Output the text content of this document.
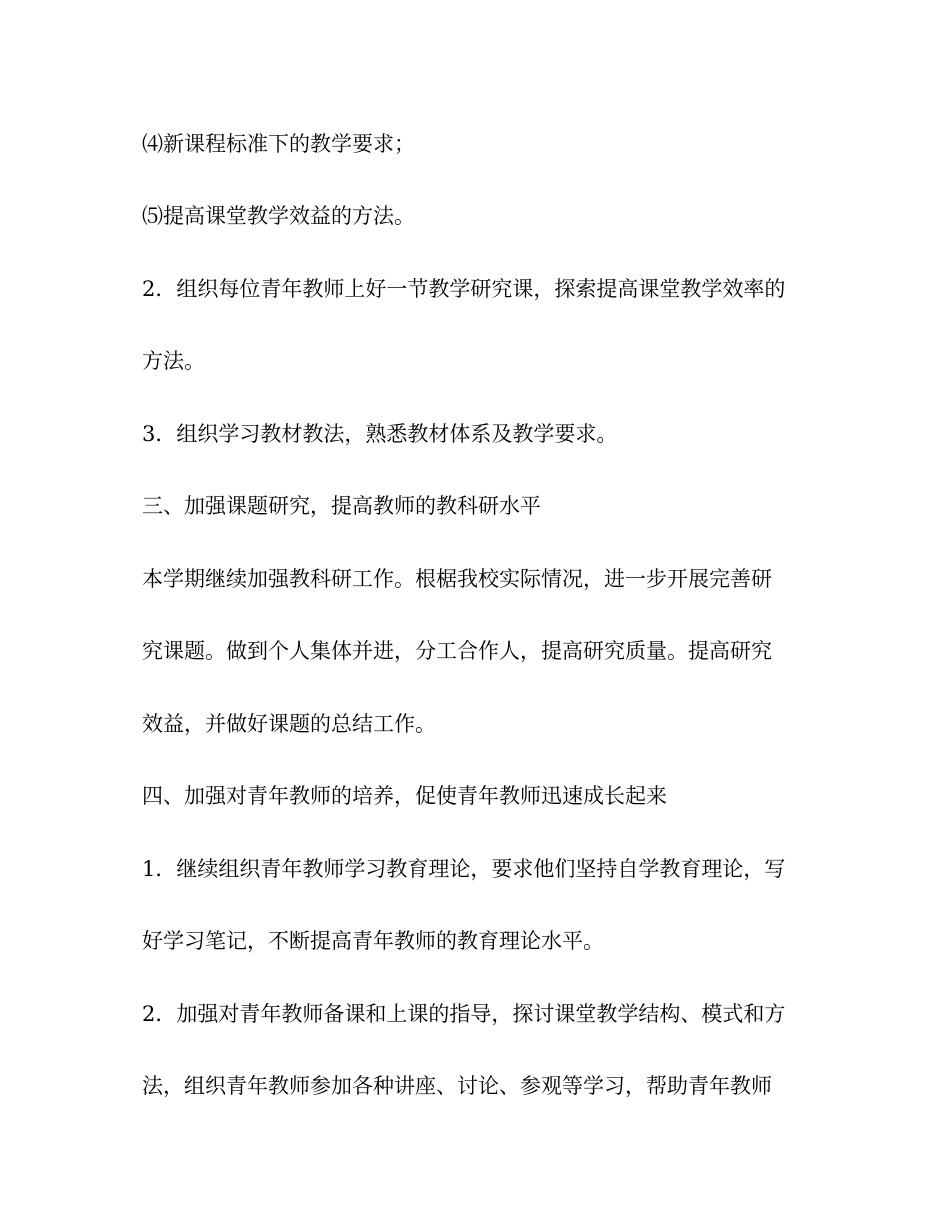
⑷新课程标准下的教学要求；
⑸提高课堂教学效益的方法。
2．组织每位青年教师上好一节教学研究课，探索提高课堂教学效率的
方法。
3．组织学习教材教法，熟悉教材体系及教学要求。
三、加强课题研究，提高教师的教科研水平
本学期继续加强教科研工作。根椐我校实际情况，进一步开展完善研
究课题。做到个人集体并进，分工合作人，提高研究质量。提高研究
效益，并做好课题的总结工作。
四、加强对青年教师的培养，促使青年教师迅速成长起来
1．继续组织青年教师学习教育理论，要求他们坚持自学教育理论，写
好学习笔记，不断提高青年教师的教育理论水平。
2．加强对青年教师备课和上课的指导，探讨课堂教学结构、模式和方
法，组织青年教师参加各种讲座、讨论、参观等学习，帮助青年教师
